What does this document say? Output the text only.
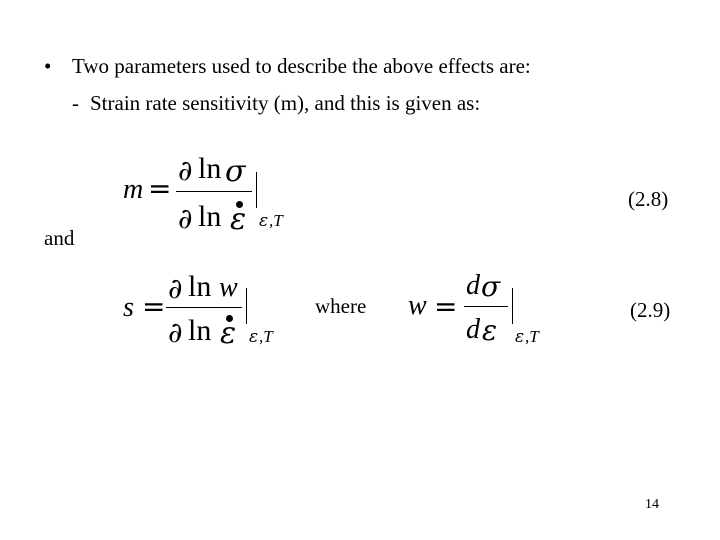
• Two parameters used to describe the above effects are:
- Strain rate sensitivity (m), and this is given as:
m =
∂ ln σ
∂ ln ε ε ,T
(2.8)
and
s =
∂ ln w
∂ ln ε ε ,T
where w =
d σ
d ε ε ,T
(2.9)
14
